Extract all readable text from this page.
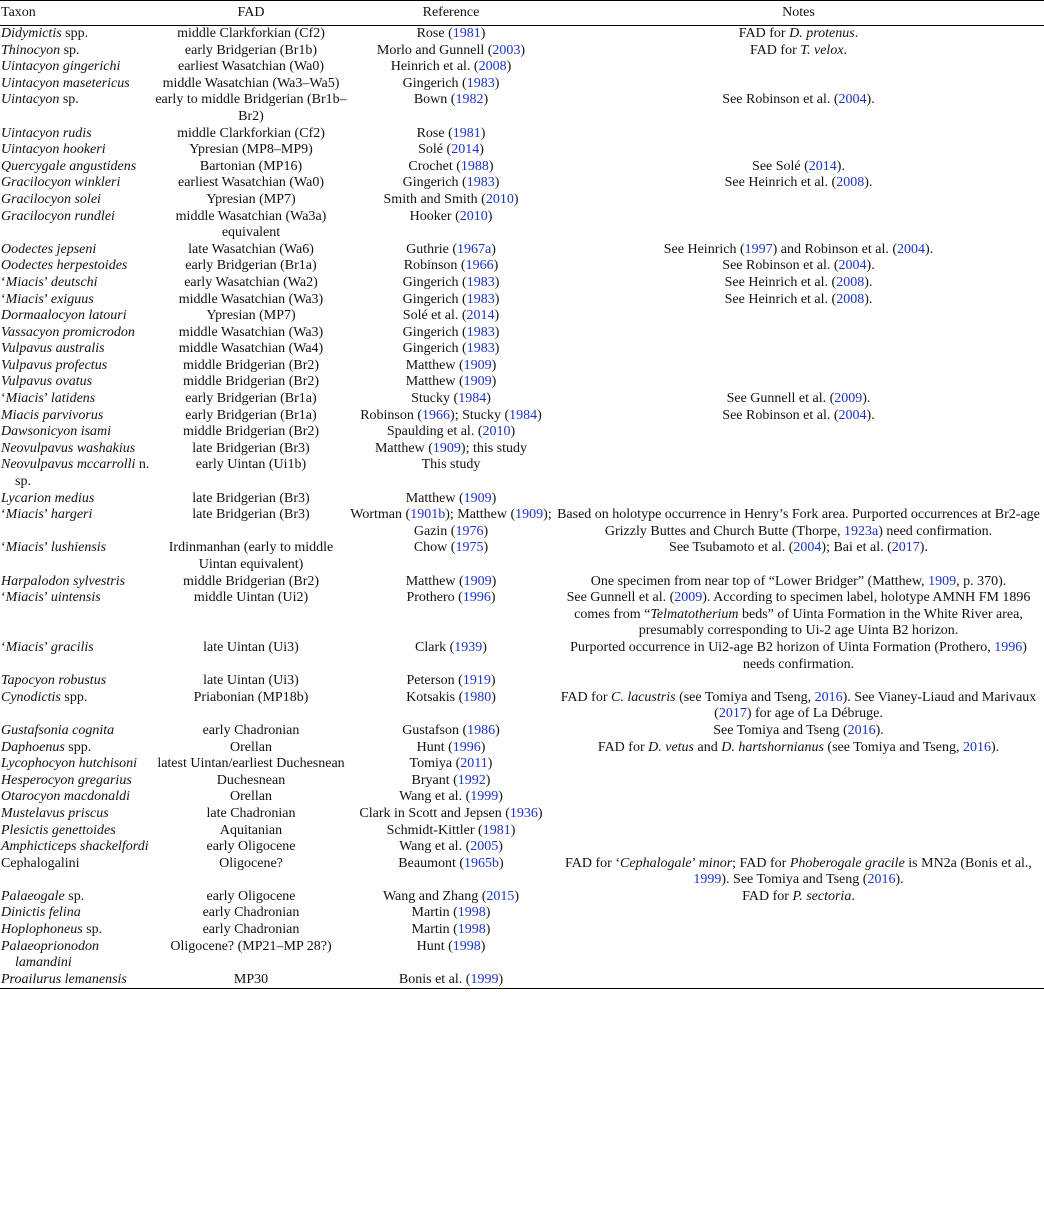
Taxon	FAD	Reference	Notes

Didymictis spp.	middle Clarkforkian (Cf2)	Rose (1981)	FAD for D. protenus.

Thinocyon sp.	early Bridgerian (Br1b)	Morlo and Gunnell (2003)	FAD for T. velox.

Uintacyon gingerichi	earliest Wasatchian (Wa0)	Heinrich et al. (2008)	

Uintacyon masetericus	middle Wasatchian (Wa3–Wa5)	Gingerich (1983)	

Uintacyon sp.	early to middle Bridgerian (Br1b–Br2)	Bown (1982)	See Robinson et al. (2004).

Uintacyon rudis	middle Clarkforkian (Cf2)	Rose (1981)	

Uintacyon hookeri	Ypresian (MP8–MP9)	Solé (2014)	

Quercygale angustidens	Bartonian (MP16)	Crochet (1988)	See Solé (2014).

Gracilocyon winkleri	earliest Wasatchian (Wa0)	Gingerich (1983)	See Heinrich et al. (2008).

Gracilocyon solei	Ypresian (MP7)	Smith and Smith (2010)	

Gracilocyon rundlei	middle Wasatchian (Wa3a) equivalent	Hooker (2010)	

Oodectes jepseni	late Wasatchian (Wa6)	Guthrie (1967a)	See Heinrich (1997) and Robinson et al. (2004).

Oodectes herpestoides	early Bridgerian (Br1a)	Robinson (1966)	See Robinson et al. (2004).

‘Miacis’ deutschi	early Wasatchian (Wa2)	Gingerich (1983)	See Heinrich et al. (2008).

‘Miacis’ exiguus	middle Wasatchian (Wa3)	Gingerich (1983)	See Heinrich et al. (2008).

Dormaalocyon latouri	Ypresian (MP7)	Solé et al. (2014)	

Vassacyon promicrodon	middle Wasatchian (Wa3)	Gingerich (1983)	

Vulpavus australis	middle Wasatchian (Wa4)	Gingerich (1983)	

Vulpavus profectus	middle Bridgerian (Br2)	Matthew (1909)	

Vulpavus ovatus	middle Bridgerian (Br2)	Matthew (1909)	

‘Miacis’ latidens	early Bridgerian (Br1a)	Stucky (1984)	See Gunnell et al. (2009).

Miacis parvivorus	early Bridgerian (Br1a)	Robinson (1966); Stucky (1984)	See Robinson et al. (2004).

Dawsonicyon isami	middle Bridgerian (Br2)	Spaulding et al. (2010)	

Neovulpavus washakius	late Bridgerian (Br3)	Matthew (1909); this study	

Neovulpavus mccarrolli n. sp.	early Uintan (Ui1b)	This study	

Lycarion medius	late Bridgerian (Br3)	Matthew (1909)	

‘Miacis’ hargeri	late Bridgerian (Br3)	Wortman (1901b); Matthew (1909); Gazin (1976)	Based on holotype occurrence in Henry’s Fork area. Purported occurrences at Br2-age Grizzly Buttes and Church Butte (Thorpe, 1923a) need confirmation.

‘Miacis’ lushiensis	Irdinmanhan (early to middle Uintan equivalent)	Chow (1975)	See Tsubamoto et al. (2004); Bai et al. (2017).

Harpalodon sylvestris	middle Bridgerian (Br2)	Matthew (1909)	One specimen from near top of “Lower Bridger” (Matthew, 1909, p. 370).

‘Miacis’ uintensis	middle Uintan (Ui2)	Prothero (1996)	See Gunnell et al. (2009). According to specimen label, holotype AMNH FM 1896 comes from “Telmatotherium beds” of Uinta Formation in the White River area, presumably corresponding to Ui-2 age Uinta B2 horizon.

‘Miacis’ gracilis	late Uintan (Ui3)	Clark (1939)	Purported occurrence in Ui2-age B2 horizon of Uinta Formation (Prothero, 1996) needs confirmation.

Tapocyon robustus	late Uintan (Ui3)	Peterson (1919)	

Cynodictis spp.	Priabonian (MP18b)	Kotsakis (1980)	FAD for C. lacustris (see Tomiya and Tseng, 2016). See Vianey-Liaud and Marivaux (2017) for age of La Débruge.

Gustafsonia cognita	early Chadronian	Gustafson (1986)	See Tomiya and Tseng (2016).

Daphoenus spp.	Orellan	Hunt (1996)	FAD for D. vetus and D. hartshornianus (see Tomiya and Tseng, 2016).

Lycophocyon hutchisoni	latest Uintan/earliest Duchesnean	Tomiya (2011)	

Hesperocyon gregarius	Duchesnean	Bryant (1992)	

Otarocyon macdonaldi	Orellan	Wang et al. (1999)	

Mustelavus priscus	late Chadronian	Clark in Scott and Jepsen (1936)	

Plesictis genettoides	Aquitanian	Schmidt-Kittler (1981)	

Amphicticeps shackelfordi	early Oligocene	Wang et al. (2005)	

Cephalogalini	Oligocene?	Beaumont (1965b)	FAD for ‘Cephalogale’ minor; FAD for Phoberogale gracile is MN2a (Bonis et al., 1999). See Tomiya and Tseng (2016).

Palaeogale sp.	early Oligocene	Wang and Zhang (2015)	FAD for P. sectoria.

Dinictis felina	early Chadronian	Martin (1998)	

Hoplophoneus sp.	early Chadronian	Martin (1998)	

Palaeoprionodon lamandini	Oligocene? (MP21–MP 28?)	Hunt (1998)	

Proailurus lemanensis	MP30	Bonis et al. (1999)	
